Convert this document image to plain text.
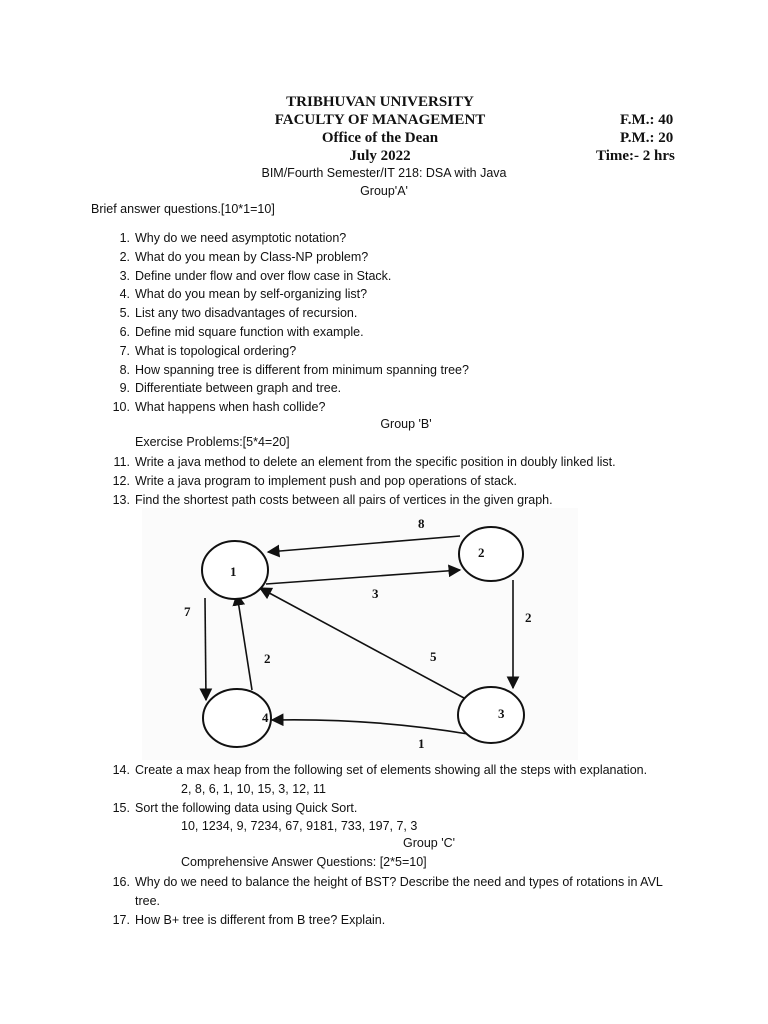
TRIBHUVAN UNIVERSITY
FACULTY OF MANAGEMENT
Office of the Dean
July 2022
F.M.: 40
P.M.: 20
Time:- 2 hrs
BIM/Fourth Semester/IT 218: DSA with Java
Group'A'
Brief answer questions.[10*1=10]
1. Why do we need asymptotic notation?
2. What do you mean by Class-NP problem?
3. Define under flow and over flow case in Stack.
4. What do you mean by self-organizing list?
5. List any two disadvantages of recursion.
6. Define mid square function with example.
7. What is topological ordering?
8. How spanning tree is different from minimum spanning tree?
9. Differentiate between graph and tree.
10. What happens when hash collide?
Group 'B'
Exercise Problems:[5*4=20]
11. Write a java method to delete an element from the specific position in doubly linked list.
12. Write a java program to implement push and pop operations of stack.
13. Find the shortest path costs between all pairs of vertices in the given graph.
1
2
3
4
8
3
2
5
7
2
1
14. Create a max heap from the following set of elements showing all the steps with explanation.
2, 8, 6, 1, 10, 15, 3, 12, 11
15. Sort the following data using Quick Sort.
10, 1234, 9, 7234, 67, 9181, 733, 197, 7, 3
Group 'C'
Comprehensive Answer Questions: [2*5=10]
16. Why do we need to balance the height of BST? Describe the need and types of rotations in AVL
tree.
17. How B+ tree is different from B tree? Explain.
